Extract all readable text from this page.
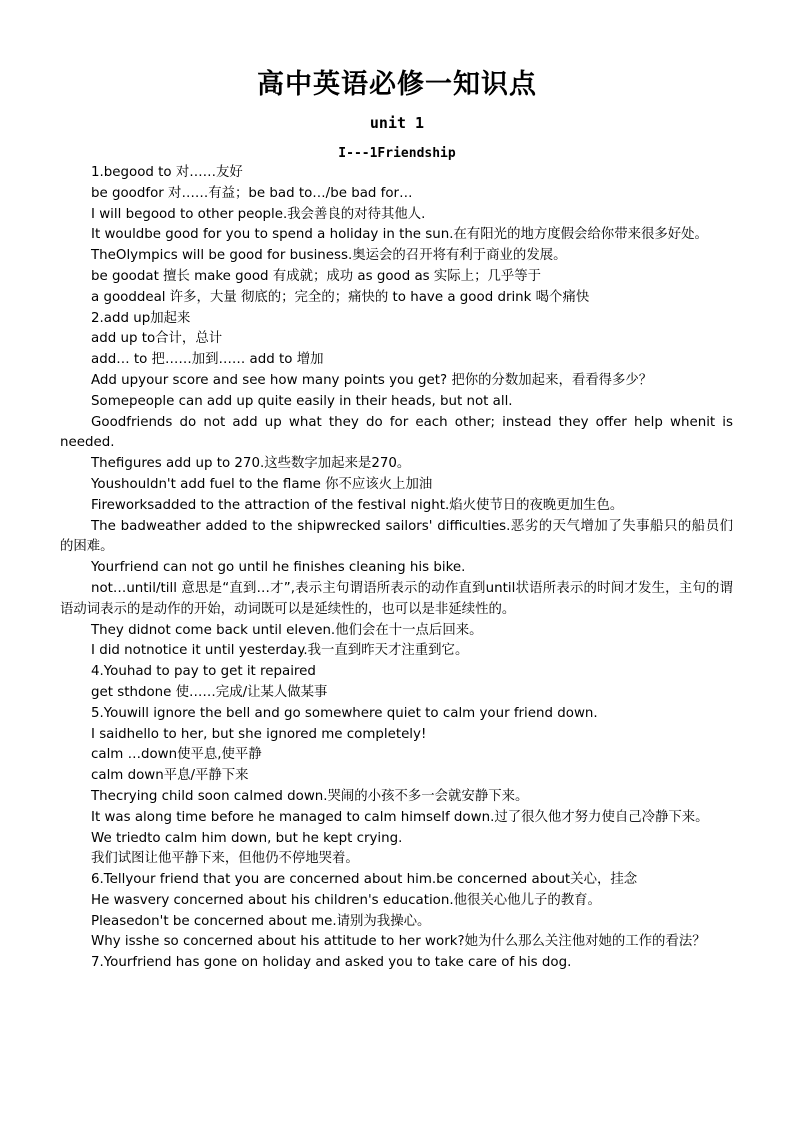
高中英语必修一知识点
unit 1
I---1Friendship

1.begood to 对……友好

be goodfor 对……有益；be bad to…/be bad for…

I will begood to other people.我会善良的对待其他人.

It wouldbe good for you to spend a holiday in the sun.在有阳光的地方度假会给你带来很多好处。

TheOlympics will be good for business.奥运会的召开将有利于商业的发展。

be goodat 擅长 make good 有成就；成功 as good as 实际上；几乎等于

a gooddeal 许多，大量 彻底的；完全的；痛快的 to have a good drink 喝个痛快

2.add up加起来

add up to合计，总计

add… to 把……加到…… add to 增加

Add upyour score and see how many points you get? 把你的分数加起来，看看得多少？

Somepeople can add up quite easily in their heads, but not all.

Goodfriends do not add up what they do for each other; instead they offer help whenit is needed.

Thefigures add up to 270.这些数字加起来是270。

Youshouldn't add fuel to the flame 你不应该火上加油

Fireworksadded to the attraction of the festival night.焰火使节日的夜晚更加生色。

The badweather added to the shipwrecked sailors' difficulties.恶劣的天气增加了失事船只的船员们的困难。

Yourfriend can not go until he finishes cleaning his bike.

not…until/till 意思是“直到…才”,表示主句谓语所表示的动作直到until状语所表示的时间才发生，主句的谓语动词表示的是动作的开始，动词既可以是延续性的，也可以是非延续性的。

They didnot come back until eleven.他们会在十一点后回来。

I did notnotice it until yesterday.我一直到昨天才注重到它。

4.Youhad to pay to get it repaired

get sthdone 使……完成/让某人做某事

5.Youwill ignore the bell and go somewhere quiet to calm your friend down.

I saidhello to her, but she ignored me completely!

calm …down使平息,使平静

calm down平息/平静下来

Thecrying child soon calmed down.哭闹的小孩不多一会就安静下来。

It was along time before he managed to calm himself down.过了很久他才努力使自己冷静下来。

We triedto calm him down, but he kept crying.

我们试图让他平静下来，但他仍不停地哭着。

6.Tellyour friend that you are concerned about him.be concerned about关心，挂念

He wasvery concerned about his children's education.他很关心他儿子的教育。

Pleasedon't be concerned about me.请别为我操心。

Why isshe so concerned about his attitude to her work?她为什么那么关注他对她的工作的看法？

7.Yourfriend has gone on holiday and asked you to take care of his dog.
